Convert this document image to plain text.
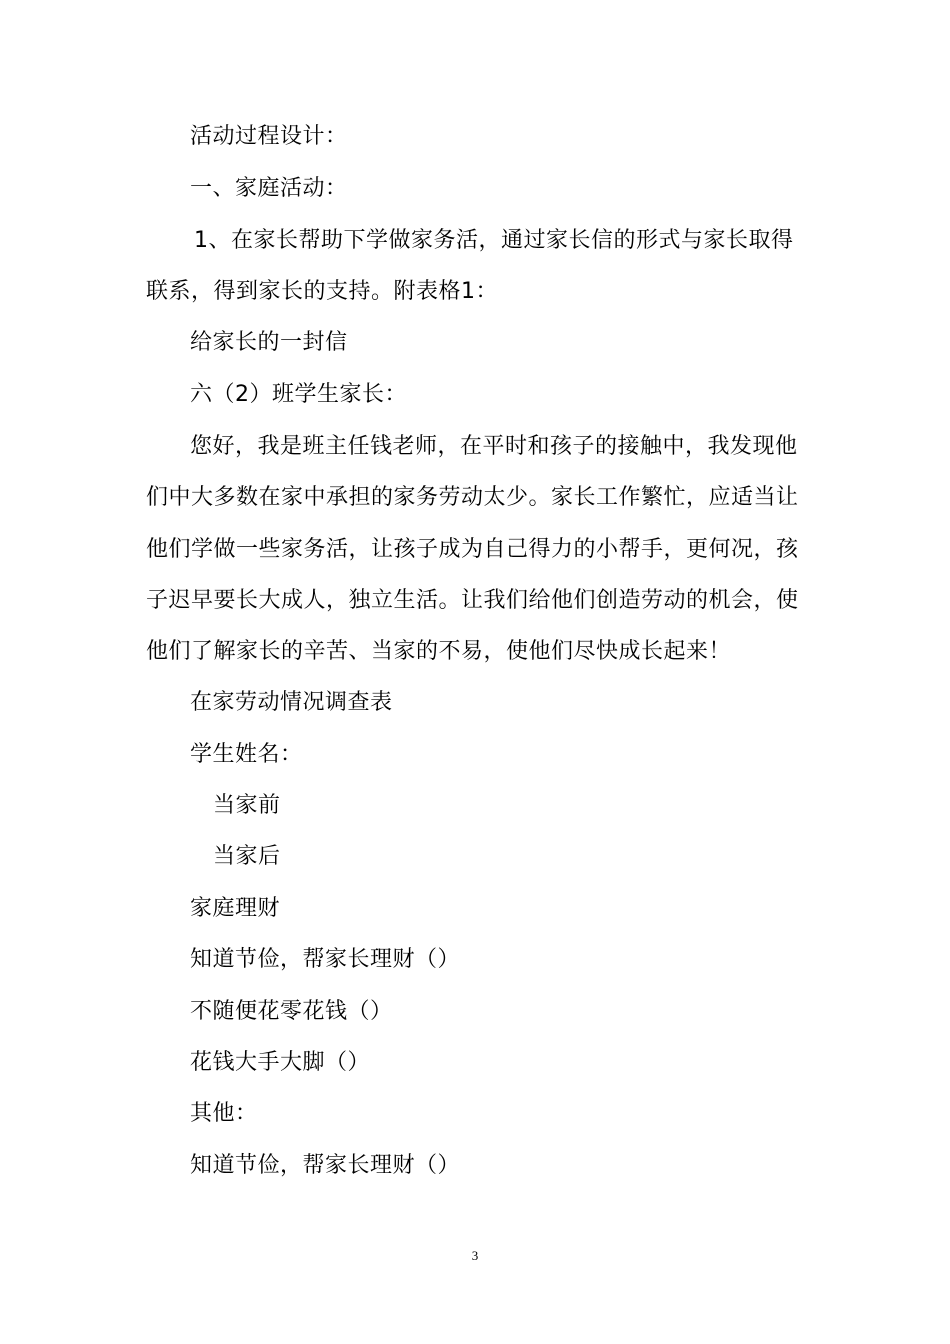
活动过程设计：
一、家庭活动：
1、在家长帮助下学做家务活，通过家长信的形式与家长取得
联系，得到家长的支持。附表格1：
给家长的一封信
六（2）班学生家长：
您好，我是班主任钱老师，在平时和孩子的接触中，我发现他
们中大多数在家中承担的家务劳动太少。家长工作繁忙，应适当让
他们学做一些家务活，让孩子成为自己得力的小帮手，更何况，孩
子迟早要长大成人，独立生活。让我们给他们创造劳动的机会，使
他们了解家长的辛苦、当家的不易，使他们尽快成长起来！
在家劳动情况调查表
学生姓名：
当家前
当家后
家庭理财
知道节俭，帮家长理财（）
不随便花零花钱（）
花钱大手大脚（）
其他：
知道节俭，帮家长理财（）
3
